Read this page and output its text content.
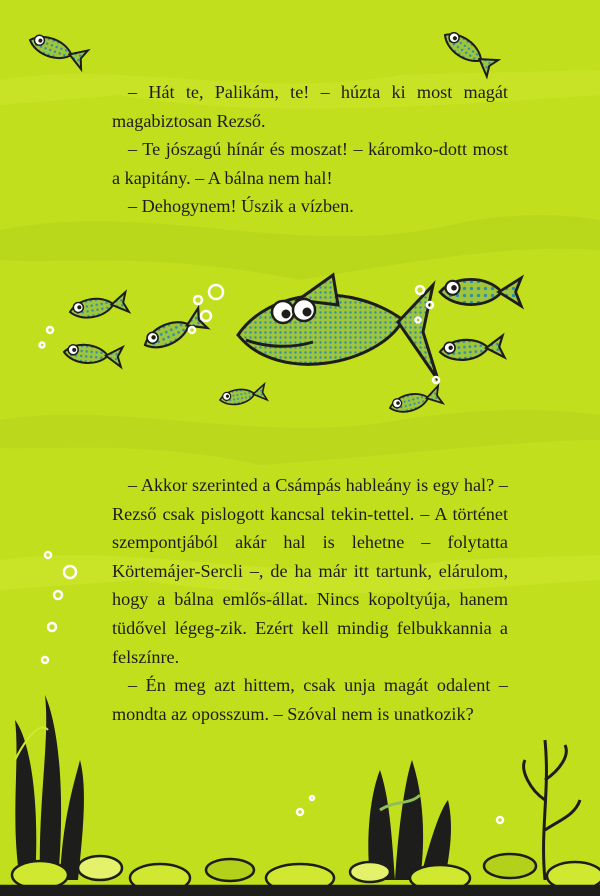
– Hát te, Palikám, te! – húzta ki most magát magabiztosan Rezső.

– Te jószagú hínár és moszat! – káromko-dott most a kapitány. – A bálna nem hal!

– Dehogynem! Úszik a vízben.

– Akkor szerinted a Csámpás hableány is egy hal? – Rezső csak pislogott kancsal tekin-tettel. – A történet szempontjából akár hal is lehetne – folytatta Körtemájer-Sercli –, de ha már itt tartunk, elárulom, hogy a bálna emlős-állat. Nincs kopoltyúja, hanem tüdővel légeg-zik. Ezért kell mindig felbukkannia a felszínre.

– Én meg azt hittem, csak unja magát odalent – mondta az oposszum. – Szóval nem is unatkozik?
